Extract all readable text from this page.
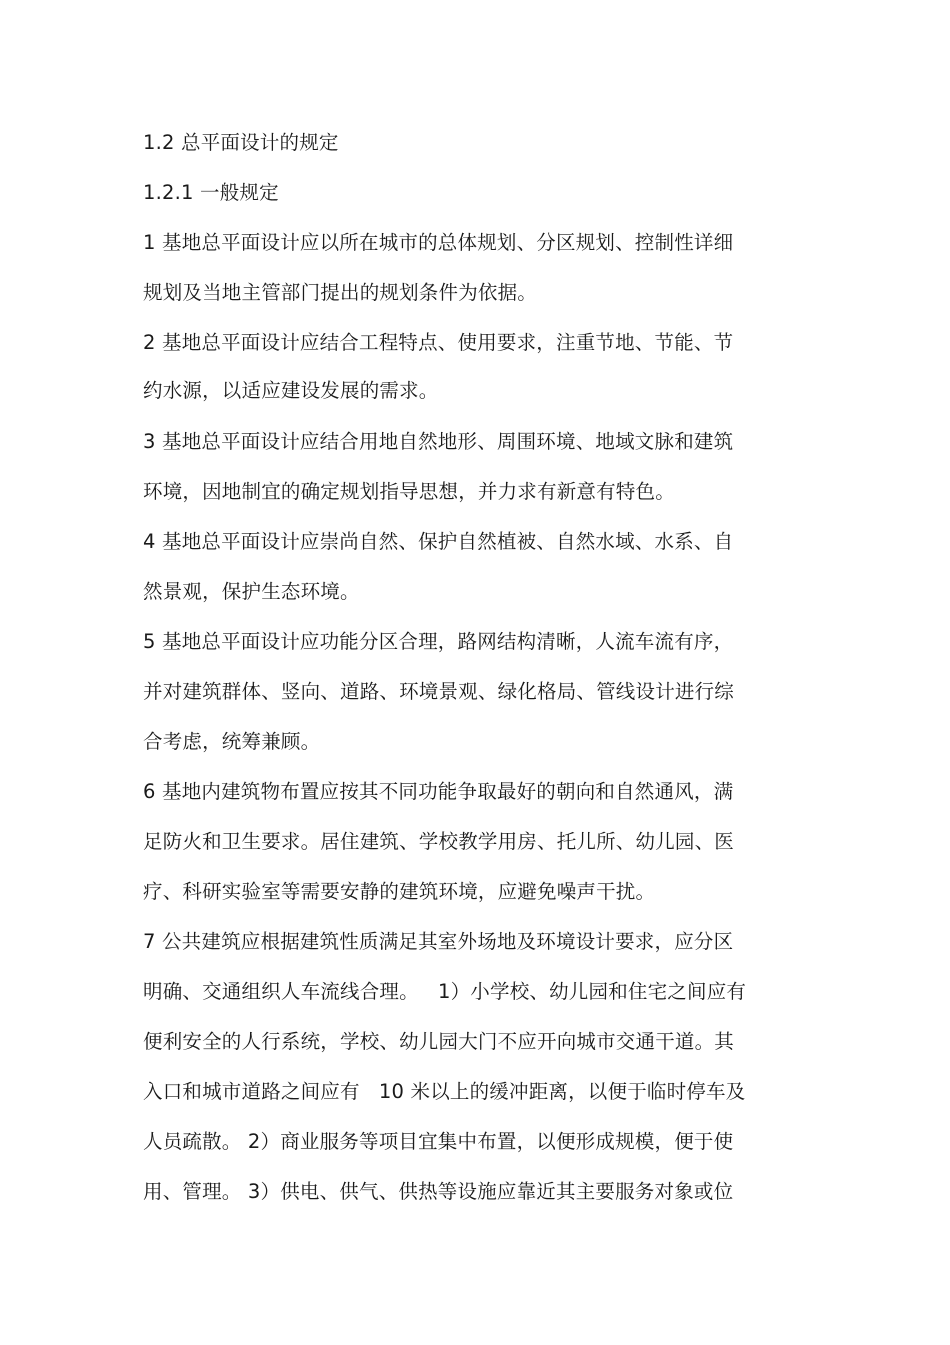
1.2 总平面设计的规定
1.2.1 一般规定
1 基地总平面设计应以所在城市的总体规划、分区规划、控制性详细
规划及当地主管部门提出的规划条件为依据。
2 基地总平面设计应结合工程特点、使用要求，注重节地、节能、节
约水源，以适应建设发展的需求。
3 基地总平面设计应结合用地自然地形、周围环境、地域文脉和建筑
环境，因地制宜的确定规划指导思想，并力求有新意有特色。
4 基地总平面设计应崇尚自然、保护自然植被、自然水域、水系、自
然景观，保护生态环境。
5 基地总平面设计应功能分区合理，路网结构清晰，人流车流有序，
并对建筑群体、竖向、道路、环境景观、绿化格局、管线设计进行综
合考虑，统筹兼顾。
6 基地内建筑物布置应按其不同功能争取最好的朝向和自然通风，满
足防火和卫生要求。居住建筑、学校教学用房、托儿所、幼儿园、医
疗、科研实验室等需要安静的建筑环境，应避免噪声干扰。
7 公共建筑应根据建筑性质满足其室外场地及环境设计要求，应分区
明确、交通组织人车流线合理。   1）小学校、幼儿园和住宅之间应有
便利安全的人行系统，学校、幼儿园大门不应开向城市交通干道。其
入口和城市道路之间应有   10 米以上的缓冲距离，以便于临时停车及
人员疏散。 2）商业服务等项目宜集中布置，以便形成规模，便于使
用、管理。 3）供电、供气、供热等设施应靠近其主要服务对象或位
